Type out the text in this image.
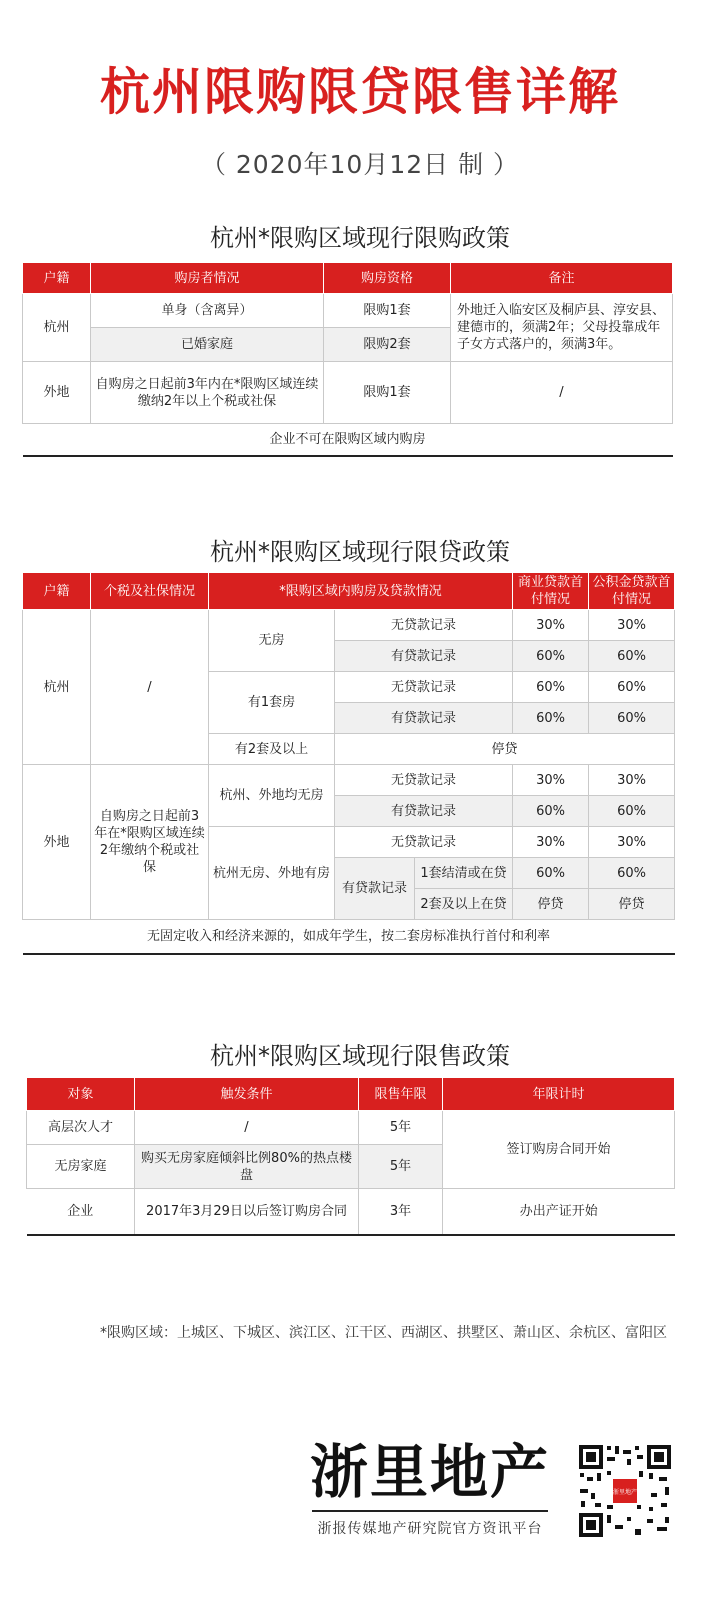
杭州限购限贷限售详解
（ 2020年10月12日 制 ）
杭州*限购区域现行限购政策
户籍	购房者情况	购房资格	备注
杭州	单身（含离异）	限购1套	外地迁入临安区及桐庐县、淳安县、建德市的，须满2年；父母投靠成年子女方式落户的，须满3年。
	已婚家庭	限购2套	
外地	自购房之日起前3年内在*限购区域连续缴纳2年以上个税或社保	限购1套	/
企业不可在限购区域内购房			
杭州*限购区域现行限贷政策
户籍	个税及社保情况	*限购区域内购房及贷款情况			商业贷款首付情况	公积金贷款首付情况
杭州	/	无房	无贷款记录		30%	30%
			有贷款记录		60%	60%
		有1套房	无贷款记录		60%	60%
			有贷款记录		60%	60%
		有2套及以上	停贷			
外地	自购房之日起前3年在*限购区域连续2年缴纳个税或社保	杭州、外地均无房	无贷款记录		30%	30%
			有贷款记录		60%	60%
		杭州无房、外地有房	无贷款记录		30%	30%
			有贷款记录	1套结清或在贷	60%	60%
				2套及以上在贷	停贷	停贷
无固定收入和经济来源的，如成年学生，按二套房标准执行首付和利率						
杭州*限购区域现行限售政策
对象	触发条件	限售年限	年限计时
高层次人才	/	5年	签订购房合同开始
无房家庭	购买无房家庭倾斜比例80%的热点楼盘	5年	
企业	2017年3月29日以后签订购房合同	3年	办出产证开始
*限购区域：上城区、下城区、滨江区、江干区、西湖区、拱墅区、萧山区、余杭区、富阳区
浙里地产
浙报传媒地产研究院官方资讯平台
浙里地产
